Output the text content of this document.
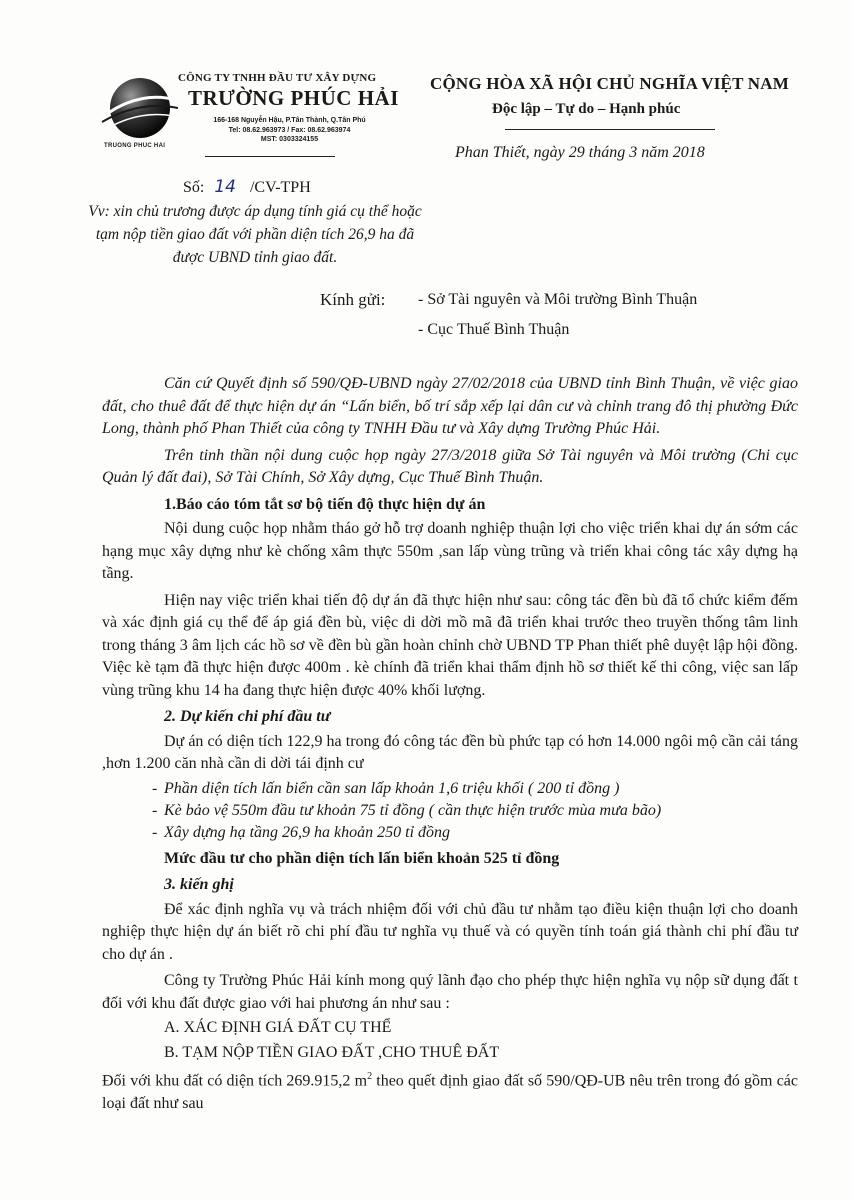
TRUONG PHUC HAI
CÔNG TY TNHH ĐẦU TƯ XÂY DỰNG
TRƯỜNG PHÚC HẢI
166-168 Nguyễn Hậu, P.Tân Thành, Q.Tân Phú
Tel: 08.62.963973 / Fax: 08.62.963974
MST: 0303324155
CỘNG HÒA XÃ HỘI CHỦ NGHĨA VIỆT NAM
Độc lập – Tự do – Hạnh phúc
Phan Thiết, ngày 29 tháng 3 năm 2018
Số: 14 /CV-TPH
Vv: xin chủ trương được áp dụng tính giá cụ thể hoặc tạm nộp tiền giao đất với phần diện tích 26,9 ha đã được UBND tỉnh giao đất.
Kính gửi: - Sở Tài nguyên và Môi trường Bình Thuận
- Cục Thuế Bình Thuận

Căn cứ Quyết định số 590/QĐ-UBND ngày 27/02/2018 của UBND tỉnh Bình Thuận, về việc giao đất, cho thuê đất để thực hiện dự án “Lấn biển, bố trí sắp xếp lại dân cư và chỉnh trang đô thị phường Đức Long, thành phố Phan Thiết của công ty TNHH Đầu tư và Xây dựng Trường Phúc Hải.

Trên tinh thần nội dung cuộc họp ngày 27/3/2018 giữa Sở Tài nguyên và Môi trường (Chi cục Quản lý đất đai), Sở Tài Chính, Sở Xây dựng, Cục Thuế Bình Thuận.

1.Báo cáo tóm tắt sơ bộ tiến độ thực hiện dự án

Nội dung cuộc họp nhằm tháo gở hỗ trợ doanh nghiệp thuận lợi cho việc triển khai dự án sớm các hạng mục xây dựng như kè chống xâm thực 550m ,san lấp vùng trũng và triển khai công tác xây dựng hạ tầng.

Hiện nay việc triển khai tiến độ dự án đã thực hiện như sau: công tác đền bù đã tổ chức kiểm đếm và xác định giá cụ thể để áp giá đền bù, việc di dời mồ mã đã triển khai trước theo truyền thống tâm linh trong tháng 3 âm lịch các hồ sơ về đền bù gần hoàn chỉnh chờ UBND TP Phan thiết phê duyệt lập hội đồng. Việc kè tạm đã thực hiện được 400m . kè chính đã triển khai thẩm định hồ sơ thiết kế thi công, việc san lấp vùng trũng khu 14 ha đang thực hiện được 40% khối lượng.

2. Dự kiến chi phí đầu tư

Dự án có diện tích 122,9 ha trong đó công tác đền bù phức tạp có hơn 14.000 ngôi mộ cần cải táng ,hơn 1.200 căn nhà cần di dời tái định cư

- Phần diện tích lấn biển cần san lấp khoản 1,6 triệu khối ( 200 tỉ đồng )
- Kè bảo vệ 550m đầu tư khoản 75 tỉ đồng ( cần thực hiện trước mùa mưa bão)
- Xây dựng hạ tầng 26,9 ha khoản 250 tỉ đồng
Mức đầu tư cho phần diện tích lấn biển khoản 525 tỉ đồng
3. kiến ghị

Để xác định nghĩa vụ và trách nhiệm đối với chủ đầu tư nhằm tạo điều kiện thuận lợi cho doanh nghiệp thực hiện dự án biết rõ chi phí đầu tư nghĩa vụ thuế và có quyền tính toán giá thành chi phí đầu tư cho dự án .

Công ty Trường Phúc Hải kính mong quý lãnh đạo cho phép thực hiện nghĩa vụ nộp sữ dụng đất t đối với khu đất được giao với hai phương án như sau :

A. XÁC ĐỊNH GIÁ ĐẤT CỤ THỂ
B. TẠM NỘP TIỀN GIAO ĐẤT ,CHO THUÊ ĐẤT

Đối với khu đất có diện tích 269.915,2 $m^2$ theo quết định giao đất số 590/QĐ-UB nêu trên trong đó gồm các loại đất như sau
